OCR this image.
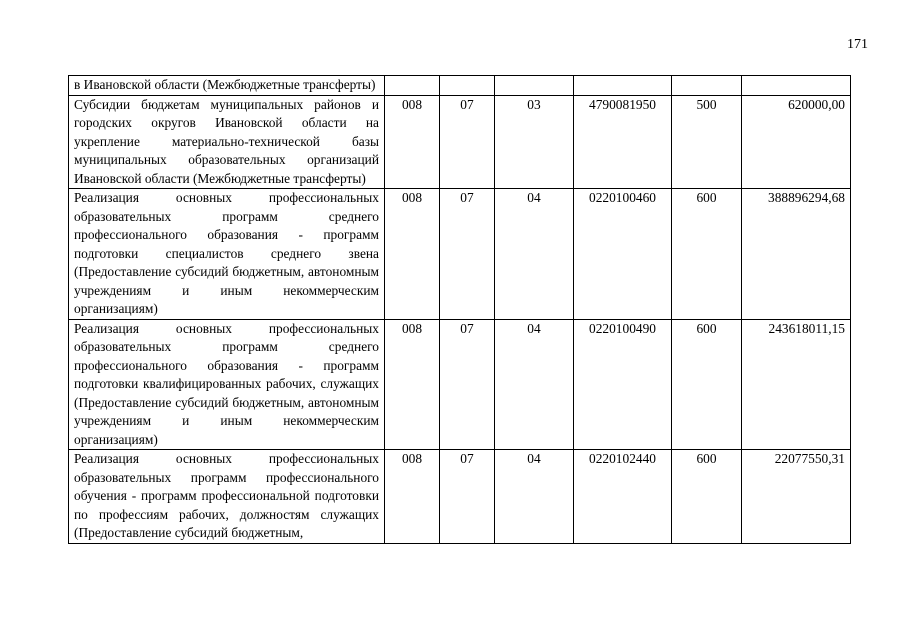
171
в Ивановской области (Межбюджетные трансферты)						
Субсидии бюджетам муниципальных районов и городских округов Ивановской области на укрепление материально-технической базы муниципальных образовательных организаций Ивановской области (Межбюджетные трансферты)	008	07	03	4790081950	500	620000,00
Реализация основных профессиональных образовательных программ среднего профессионального образования - программ подготовки специалистов среднего звена (Предоставление субсидий бюджетным, автономным учреждениям и иным некоммерческим организациям)	008	07	04	0220100460	600	388896294,68
Реализация основных профессиональных образовательных программ среднего профессионального образования - программ подготовки квалифицированных рабочих, служащих (Предоставление субсидий бюджетным, автономным учреждениям и иным некоммерческим организациям)	008	07	04	0220100490	600	243618011,15
Реализация основных профессиональных образовательных программ профессионального обучения - программ профессиональной подготовки по профессиям рабочих, должностям служащих (Предоставление субсидий бюджетным,	008	07	04	0220102440	600	22077550,31
